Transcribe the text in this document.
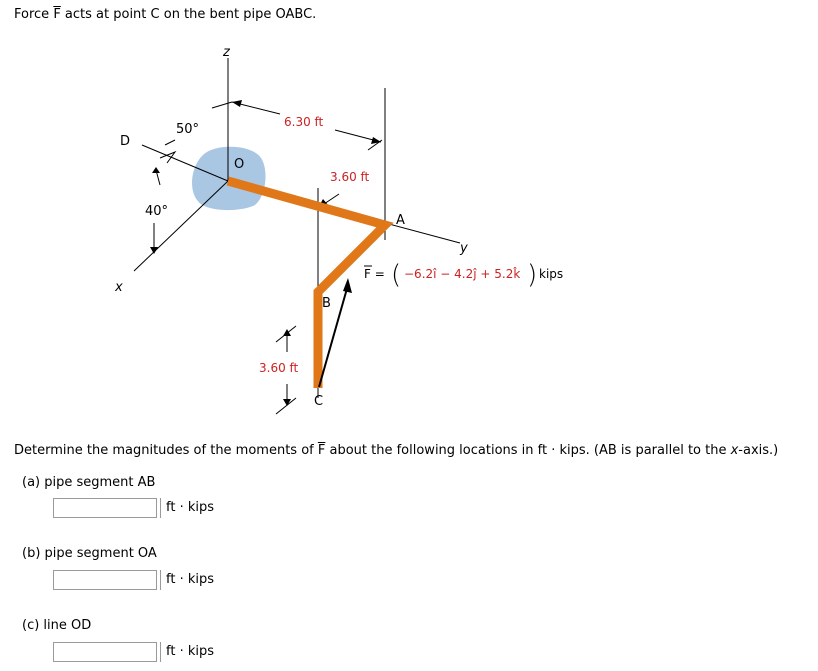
Force $\overline{F}$ acts at point C on the bent pipe OABC.
z
x
y
O
A
B
C
D
50°
40°
6.30 ft
3.60 ft
3.60 ft
F = ( −6.2î − 4.2ĵ + 5.2k̂ ) kips
Determine the magnitudes of the moments of $\overline{F}$ about the following locations in ft · kips. (AB is parallel to the x-axis.)
(a) pipe segment AB
ft · kips
(b) pipe segment OA
ft · kips
(c) line OD
ft · kips
